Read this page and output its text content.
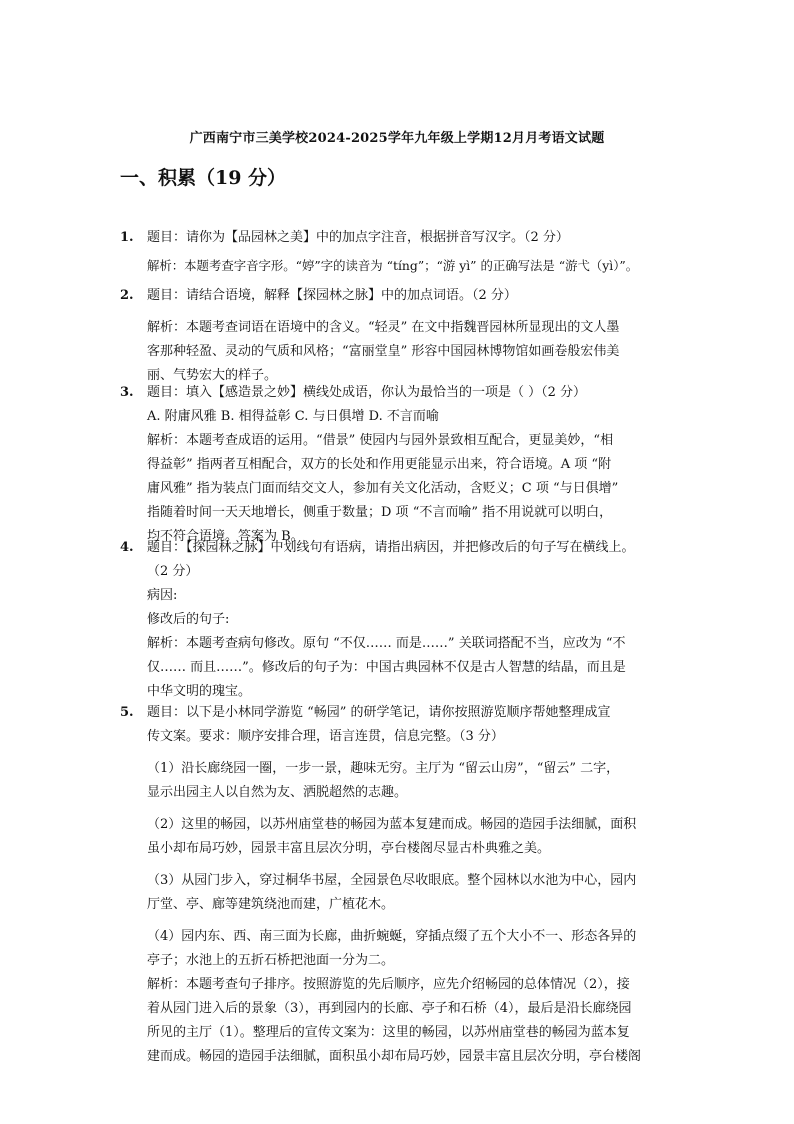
广西南宁市三美学校2024-2025学年九年级上学期12月月考语文试题
一、积累（19 分）
1.	题目：请你为【品园林之美】中的加点字注音，根据拼音写汉字。（2 分）
解析：本题考查字音字形。“婷”字的读音为 “tíng”；“游 yì” 的正确写法是 “游弋（yì）”。
2.	题目：请结合语境，解释【探园林之脉】中的加点词语。（2 分）
解析：本题考查词语在语境中的含义。“轻灵” 在文中指魏晋园林所显现出的文人墨
客那种轻盈、灵动的气质和风格；“富丽堂皇” 形容中国园林博物馆如画卷般宏伟美
丽、气势宏大的样子。
3.	题目：填入【感造景之妙】横线处成语，你认为最恰当的一项是（ ）（2 分）
A. 附庸风雅 B. 相得益彰 C. 与日俱增 D. 不言而喻
解析：本题考查成语的运用。“借景” 使园内与园外景致相互配合，更显美妙，“相
得益彰” 指两者互相配合，双方的长处和作用更能显示出来，符合语境。A 项 “附
庸风雅” 指为装点门面而结交文人，参加有关文化活动，含贬义；C 项 “与日俱增”
指随着时间一天天地增长，侧重于数量；D 项 “不言而喻” 指不用说就可以明白，
均不符合语境。答案为 B。
4.	题目：【探园林之脉】中划线句有语病，请指出病因，并把修改后的句子写在横线上。
（2 分）
病因:
修改后的句子:
解析：本题考查病句修改。原句 “不仅…… 而是……” 关联词搭配不当，应改为 “不
仅…… 而且……”。修改后的句子为：中国古典园林不仅是古人智慧的结晶，而且是
中华文明的瑰宝。
5.	题目：以下是小林同学游览 “畅园” 的研学笔记，请你按照游览顺序帮她整理成宣
传文案。要求：顺序安排合理，语言连贯，信息完整。（3 分）
（1）沿长廊绕园一圈，一步一景，趣味无穷。主厅为 “留云山房”，“留云” 二字，
显示出园主人以自然为友、洒脱超然的志趣。
（2）这里的畅园，以苏州庙堂巷的畅园为蓝本复建而成。畅园的造园手法细腻，面积
虽小却布局巧妙，园景丰富且层次分明，亭台楼阁尽显古朴典雅之美。
（3）从园门步入，穿过桐华书屋，全园景色尽收眼底。整个园林以水池为中心，园内
厅堂、亭、廊等建筑绕池而建，广植花木。
（4）园内东、西、南三面为长廊，曲折蜿蜒，穿插点缀了五个大小不一、形态各异的
亭子；水池上的五折石桥把池面一分为二。
解析：本题考查句子排序。按照游览的先后顺序，应先介绍畅园的总体情况（2），接
着从园门进入后的景象（3），再到园内的长廊、亭子和石桥（4），最后是沿长廊绕园
所见的主厅（1）。整理后的宣传文案为：这里的畅园，以苏州庙堂巷的畅园为蓝本复
建而成。畅园的造园手法细腻，面积虽小却布局巧妙，园景丰富且层次分明，亭台楼阁
